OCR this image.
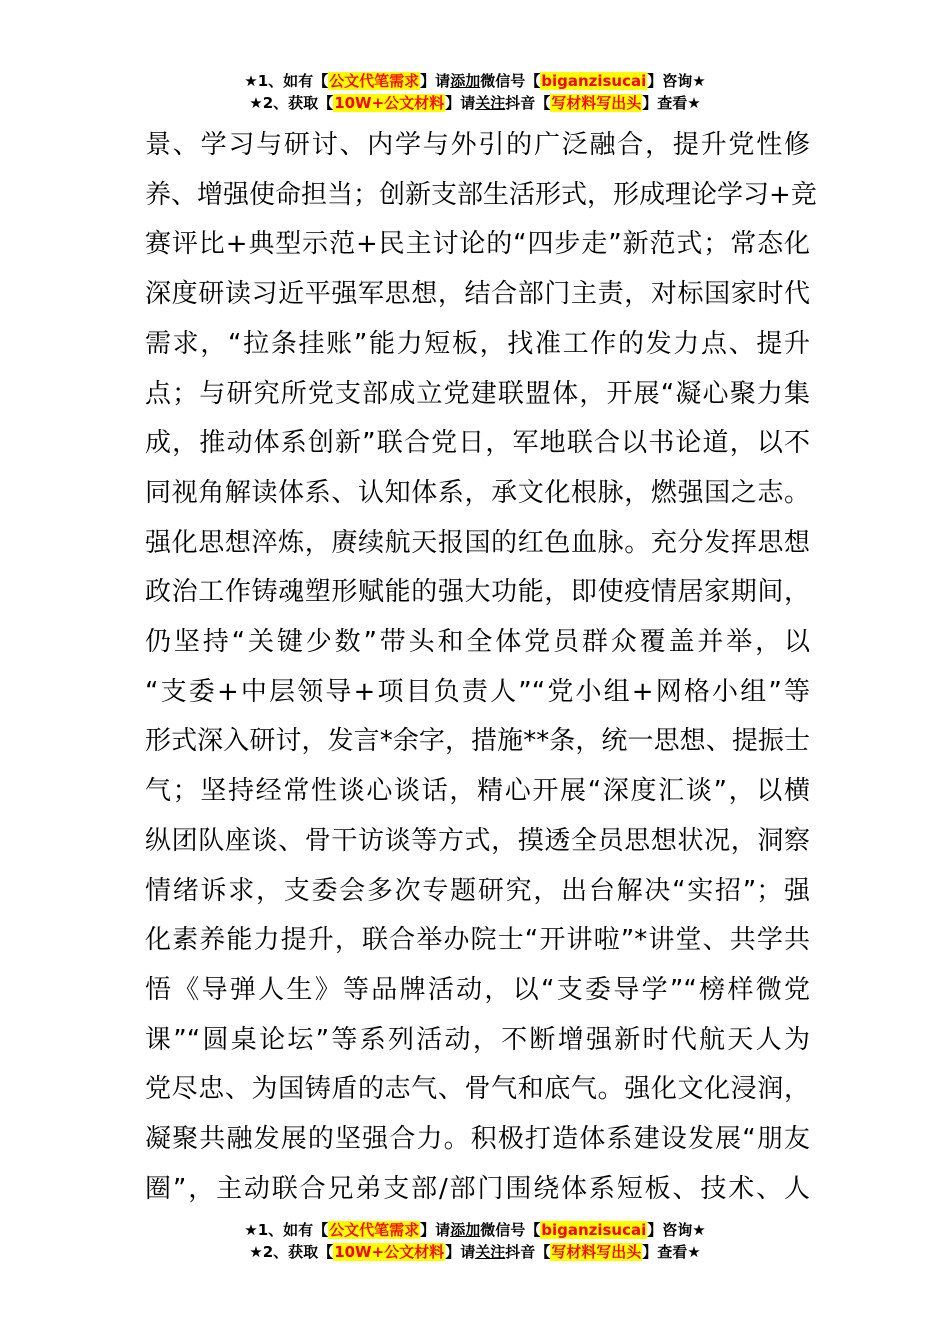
★1、如有【公文代笔需求】请添加微信号【biganzisucai】咨询★
★2、获取【10W+公文材料】请关注抖音【写材料写出头】查看★
景、学习与研讨、内学与外引的广泛融合，提升党性修
养、增强使命担当；创新支部生活形式，形成理论学习+竞
赛评比+典型示范+民主讨论的“四步走”新范式；常态化
深度研读习近平强军思想，结合部门主责，对标国家时代
需求，“拉条挂账”能力短板，找准工作的发力点、提升
点；与研究所党支部成立党建联盟体，开展“凝心聚力集
成，推动体系创新”联合党日，军地联合以书论道，以不
同视角解读体系、认知体系，承文化根脉，燃强国之志。
强化思想淬炼，赓续航天报国的红色血脉。充分发挥思想
政治工作铸魂塑形赋能的强大功能，即使疫情居家期间，
仍坚持“关键少数”带头和全体党员群众覆盖并举，以
“支委+中层领导+项目负责人”“党小组+网格小组”等
形式深入研讨，发言*余字，措施**条，统一思想、提振士
气；坚持经常性谈心谈话，精心开展“深度汇谈”，以横
纵团队座谈、骨干访谈等方式，摸透全员思想状况，洞察
情绪诉求，支委会多次专题研究，出台解决“实招”；强
化素养能力提升，联合举办院士“开讲啦”*讲堂、共学共
悟《导弹人生》等品牌活动，以“支委导学”“榜样微党
课”“圆桌论坛”等系列活动，不断增强新时代航天人为
党尽忠、为国铸盾的志气、骨气和底气。强化文化浸润，
凝聚共融发展的坚强合力。积极打造体系建设发展“朋友
圈”，主动联合兄弟支部/部门围绕体系短板、技术、人
★1、如有【公文代笔需求】请添加微信号【biganzisucai】咨询★
★2、获取【10W+公文材料】请关注抖音【写材料写出头】查看★
